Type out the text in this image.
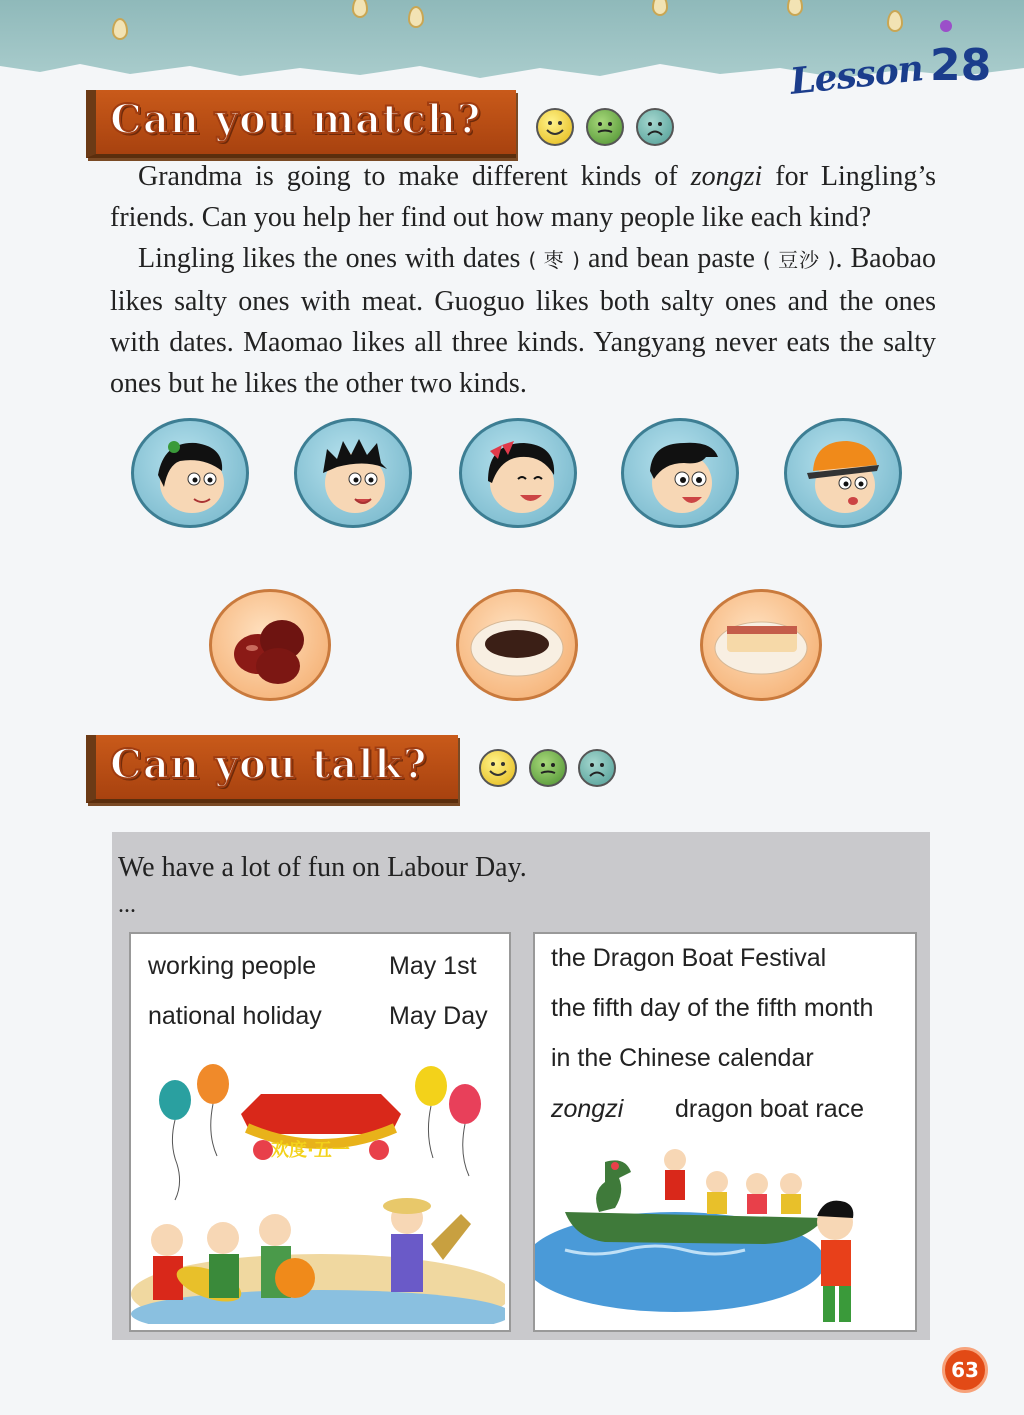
Lesson 28
Can you match?

Grandma is going to make different kinds of zongzi for Lingling’s friends. Can you help her find out how many people like each kind?

Lingling likes the ones with dates ( 枣 ) and bean paste ( 豆沙 ). Baobao likes salty ones with meat. Guoguo likes both salty ones and the ones with dates. Maomao likes all three kinds. Yangyang never eats the salty ones but he likes the other two kinds.

Can you talk?

We have a lot of fun on Labour Day.

...

working people	May 1st
national holiday	May Day
欢度·五一
the Dragon Boat Festival
the fifth day of the fifth month
in the Chinese calendar
zongzi dragon boat race
63
